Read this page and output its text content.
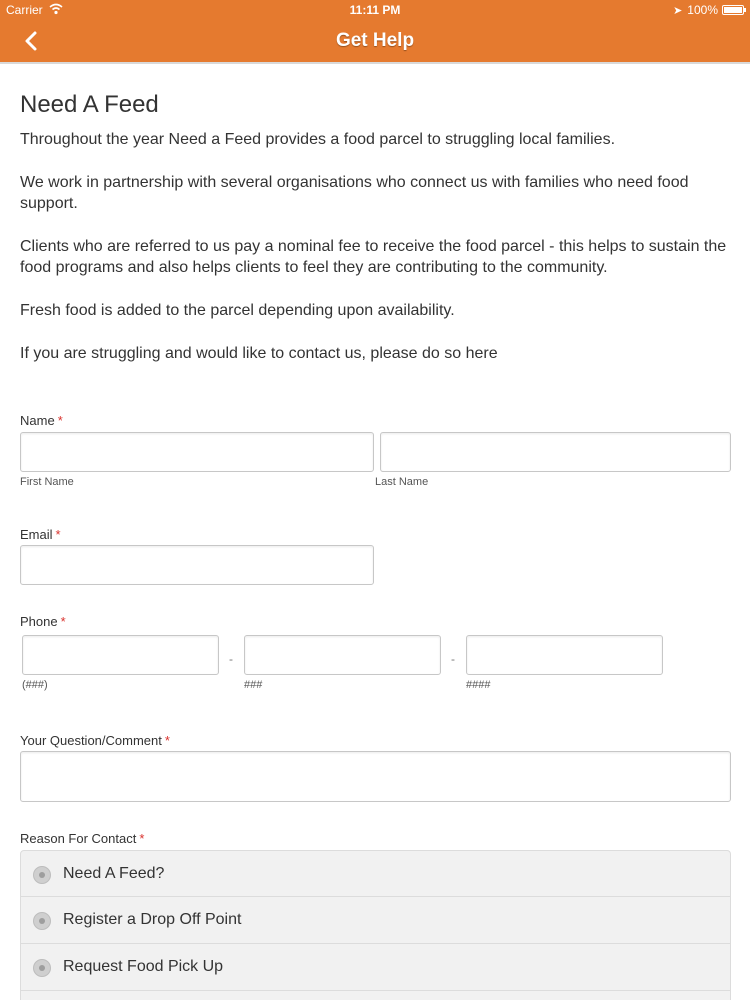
Carrier	11:11 PM	➤ 100%
Get Help
Need A Feed

Throughout the year Need a Feed provides a food parcel to struggling local families.

We work in partnership with several organisations who connect us with families who need food support.

Clients who are referred to us pay a nominal fee to receive the food parcel - this helps to sustain the food programs and also helps clients to feel they are contributing to the community.

Fresh food is added to the parcel depending upon availability.

If you are struggling and would like to contact us, please do so here

Name *
First Name	Last Name
Email *
Phone *
-	-
(###)	###	####
Your Question/Comment *
Reason For Contact *
Need A Feed?
Register a Drop Off Point
Request Food Pick Up
